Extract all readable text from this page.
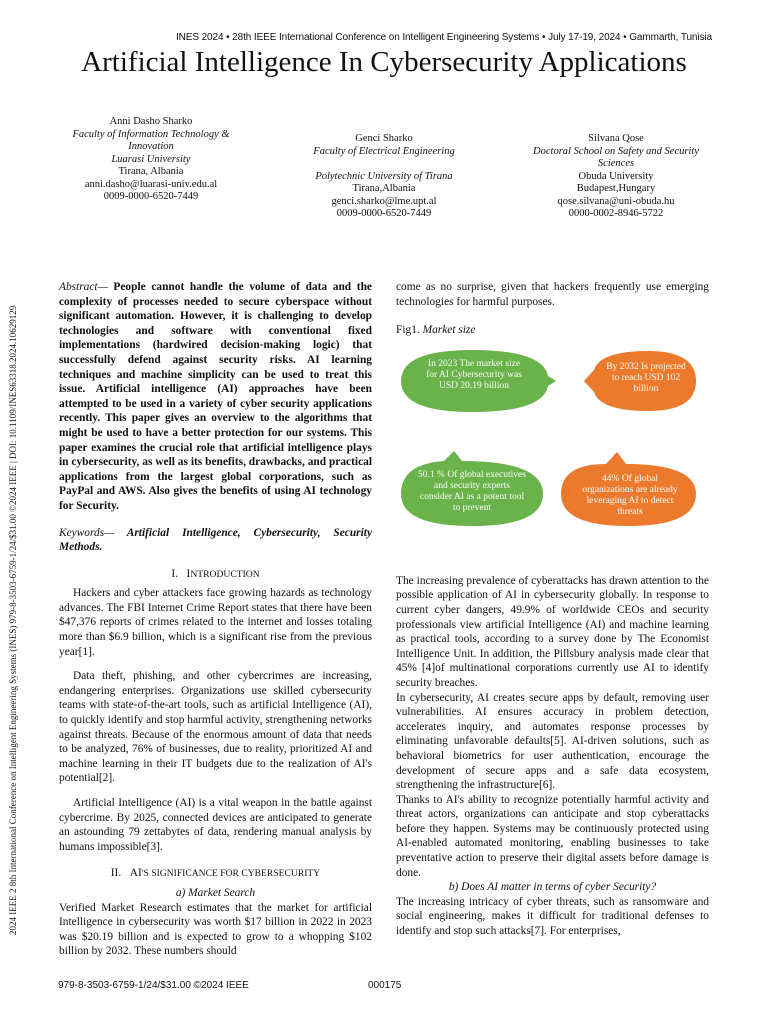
INES 2024 • 28th IEEE International Conference on Intelligent Engineering Systems • July 17-19, 2024 • Gammarth, Tunisia
Artificial Intelligence In Cybersecurity Applications
Anni Dasho Sharko
Faculty of Information Technology &
Innovation
Luarasi University
Tirana, Albania
anni.dasho@luarasi-univ.edu.al
0009-0000-6520-7449
Genci Sharko
Faculty of Electrical Engineering
Polytechnic University of Tirana
Tirana,Albania
genci.sharko@lme.upt.al
0009-0000-6520-7449
Silvana Qose
Doctoral School on Safety and Security
Sciences
Obuda University
Budapest,Hungary
qose.silvana@uni-obuda.hu
0000-0002-8946-5722
2024 IEEE 2 8th International Conference on Intelligent Engineering Systems (INES) 979-8-3503-6759-1/24/$31.00 ©2024 IEEE | DOI: 10.1109/INES63318.2024.10629129

Abstract— People cannot handle the volume of data and the complexity of processes needed to secure cyberspace without significant automation. However, it is challenging to develop technologies and software with conventional fixed implementations (hardwired decision-making logic) that successfully defend against security risks. AI learning techniques and machine simplicity can be used to treat this issue. Artificial intelligence (AI) approaches have been attempted to be used in a variety of cyber security applications recently. This paper gives an overview to the algorithms that might be used to have a better protection for our systems. This paper examines the crucial role that artificial intelligence plays in cybersecurity, as well as its benefits, drawbacks, and practical applications from the largest global corporations, such as PayPal and AWS. Also gives the benefits of using AI technology for Security.

Keywords— Artificial Intelligence, Cybersecurity, Security Methods.

I. INTRODUCTION

Hackers and cyber attackers face growing hazards as technology advances. The FBI Internet Crime Report states that there have been $47,376 reports of crimes related to the internet and losses totaling more than $6.9 billion, which is a significant rise from the previous year[1].

Data theft, phishing, and other cybercrimes are increasing, endangering enterprises. Organizations use skilled cybersecurity teams with state-of-the-art tools, such as artificial Intelligence (AI), to quickly identify and stop harmful activity, strengthening networks against threats. Because of the enormous amount of data that needs to be analyzed, 76% of businesses, due to reality, prioritized AI and machine learning in their IT budgets due to the realization of AI's potential[2].

Artificial Intelligence (AI) is a vital weapon in the battle against cybercrime. By 2025, connected devices are anticipated to generate an astounding 79 zettabytes of data, rendering manual analysis by humans impossible[3].

II. AI'S SIGNIFICANCE FOR CYBERSECURITY

a) Market Search

Verified Market Research estimates that the market for artificial Intelligence in cybersecurity was worth $17 billion in 2022 in 2023 was $20.19 billion and is expected to grow to a whopping $102 billion by 2032. These numbers should

come as no surprise, given that hackers frequently use emerging technologies for harmful purposes.

Fig1. Market size

In 2023 The market size for AI Cybersecurity was USD 20.19 billion
By 2032 Is projected to reach USD 102 billion
50.1 % Of global executives and security experts consider AI as a potent tool to prevent
44% Of global organizations are already leveraging AI to detect threats

The increasing prevalence of cyberattacks has drawn attention to the possible application of AI in cybersecurity globally. In response to current cyber dangers, 49.9% of worldwide CEOs and security professionals view artificial Intelligence (AI) and machine learning as practical tools, according to a survey done by The Economist Intelligence Unit. In addition, the Pillsbury analysis made clear that 45% [4]of multinational corporations currently use AI to identify security breaches.

In cybersecurity, AI creates secure apps by default, removing user vulnerabilities. AI ensures accuracy in problem detection, accelerates inquiry, and automates response processes by eliminating unfavorable defaults[5]. AI-driven solutions, such as behavioral biometrics for user authentication, encourage the development of secure apps and a safe data ecosystem, strengthening the infrastructure[6].

Thanks to AI's ability to recognize potentially harmful activity and threat actors, organizations can anticipate and stop cyberattacks before they happen. Systems may be continuously protected using AI-enabled automated monitoring, enabling businesses to take preventative action to preserve their digital assets before damage is done.

b) Does AI matter in terms of cyber Security?

The increasing intricacy of cyber threats, such as ransomware and social engineering, makes it difficult for traditional defenses to identify and stop such attacks[7]. For enterprises,

979-8-3503-6759-1/24/$31.00 ©2024 IEEE	000175
